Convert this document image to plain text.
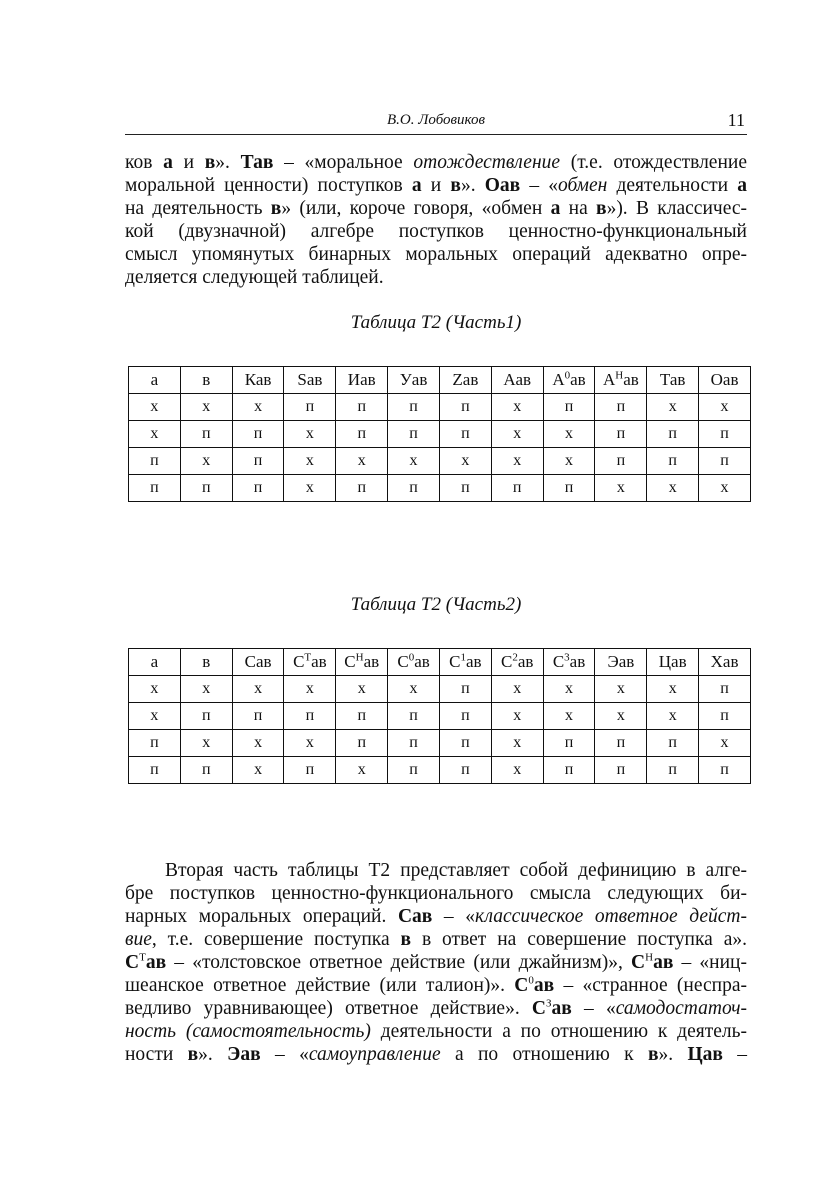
В.О. Лобовиков	11
ков а и в». Тав – «моральное отождествление (т.е. отождествление
моральной ценности) поступков а и в». Оав – «обмен деятельности а
на деятельность в» (или, короче говоря, «обмен а на в»). В классичес-
кой (двузначной) алгебре поступков ценностно-функциональный
смысл упомянутых бинарных моральных операций адекватно опре-
деляется следующей таблицей.
Таблица Т2 (Часть1)
а	в	Кав	Sав	Иав	Уав	Zав	Аав	$A^0ав$	$A^Нав$	Тав	Оав
х	х	х	п	п	п	п	х	п	п	х	х
х	п	п	х	п	п	п	х	х	п	п	п
п	х	п	х	х	х	х	х	х	п	п	п
п	п	п	х	п	п	п	п	п	х	х	х
Таблица Т2 (Часть2)
а	в	Сав	$С^Тав$	$С^Нав$	$С^0ав$	$С^1ав$	$С^2ав$	$С^3ав$	Эав	Цав	Хав
х	х	х	х	х	х	п	х	х	х	х	п
х	п	п	п	п	п	п	х	х	х	х	п
п	х	х	х	п	п	п	х	п	п	п	х
п	п	х	п	х	п	п	х	п	п	п	п
Вторая часть таблицы Т2 представляет собой дефиницию в алге-
бре поступков ценностно-функционального смысла следующих би-
нарных моральных операций. Сав – «классическое ответное дейст-
вие, т.е. совершение поступка в в ответ на совершение поступка а».
$С^Тав$ – «толстовское ответное действие (или джайнизм)», $С^Нав$ – «ниц-
шеанское ответное действие (или талион)». $С^0ав$ – «странное (неспра-
ведливо уравнивающее) ответное действие». $С^Зав$ – «самодостаточ-
ность (самостоятельность) деятельности а по отношению к деятель-
ности в». Эав – «самоуправление а по отношению к в». Цав –
